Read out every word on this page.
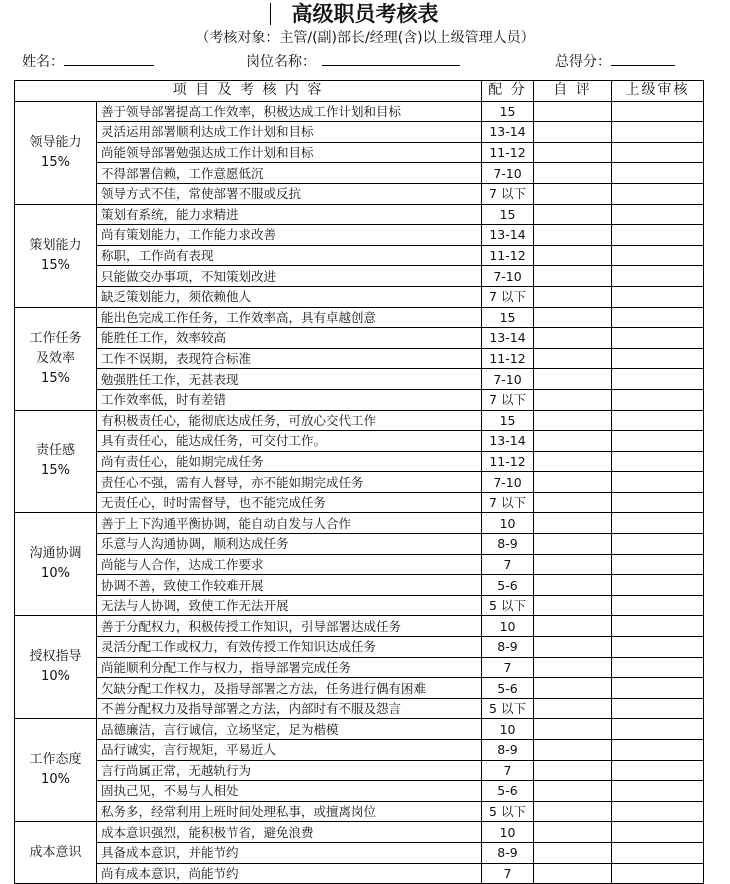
高级职员考核表
（考核对象：主管/(副)部长/经理(含)以上级管理人员）
姓名：	岗位名称：	总得分：
项 目 及 考 核 内 容		配 分	自 评	上级审核

领导能力
15%	善于领导部署提高工作效率，积极达成工作计划和目标	15		
	灵活运用部署顺利达成工作计划和目标	13-14		
	尚能领导部署勉强达成工作计划和目标	11-12		
	不得部署信赖，工作意愿低沉	7-10		
	领导方式不佳，常使部署不服或反抗	7 以下		

策划能力
15%	策划有系统，能力求精进	15		
	尚有策划能力，工作能力求改善	13-14		
	称职，工作尚有表现	11-12		
	只能做交办事项，不知策划改进	7-10		
	缺乏策划能力，须依赖他人	7 以下		

工作任务
及效率
15%	能出色完成工作任务，工作效率高，具有卓越创意	15		
	能胜任工作，效率较高	13-14		
	工作不误期，表现符合标准	11-12		
	勉强胜任工作，无甚表现	7-10		
	工作效率低，时有差错	7 以下		

责任感
15%	有积极责任心，能彻底达成任务，可放心交代工作	15		
	具有责任心，能达成任务，可交付工作。	13-14		
	尚有责任心，能如期完成任务	11-12		
	责任心不强，需有人督导，亦不能如期完成任务	7-10		
	无责任心，时时需督导，也不能完成任务	7 以下		

沟通协调
10%	善于上下沟通平衡协调，能自动自发与人合作	10		
	乐意与人沟通协调，顺利达成任务	8-9		
	尚能与人合作，达成工作要求	7		
	协调不善，致使工作较难开展	5-6		
	无法与人协调，致使工作无法开展	5 以下		

授权指导
10%	善于分配权力，积极传授工作知识，引导部署达成任务	10		
	灵活分配工作或权力，有效传授工作知识达成任务	8-9		
	尚能顺利分配工作与权力，指导部署完成任务	7		
	欠缺分配工作权力，及指导部署之方法，任务进行偶有困难	5-6		
	不善分配权力及指导部署之方法，内部时有不服及怨言	5 以下		

工作态度
10%	品德廉洁，言行诚信，立场坚定，足为楷模	10		
	品行诚实，言行规矩，平易近人	8-9		
	言行尚属正常，无越轨行为	7		
	固执己见，不易与人相处	5-6		
	私务多，经常利用上班时间处理私事，或擅离岗位	5 以下		

成本意识	成本意识强烈，能积极节省，避免浪费	10		
	具备成本意识，并能节约	8-9		
	尚有成本意识，尚能节约	7		
